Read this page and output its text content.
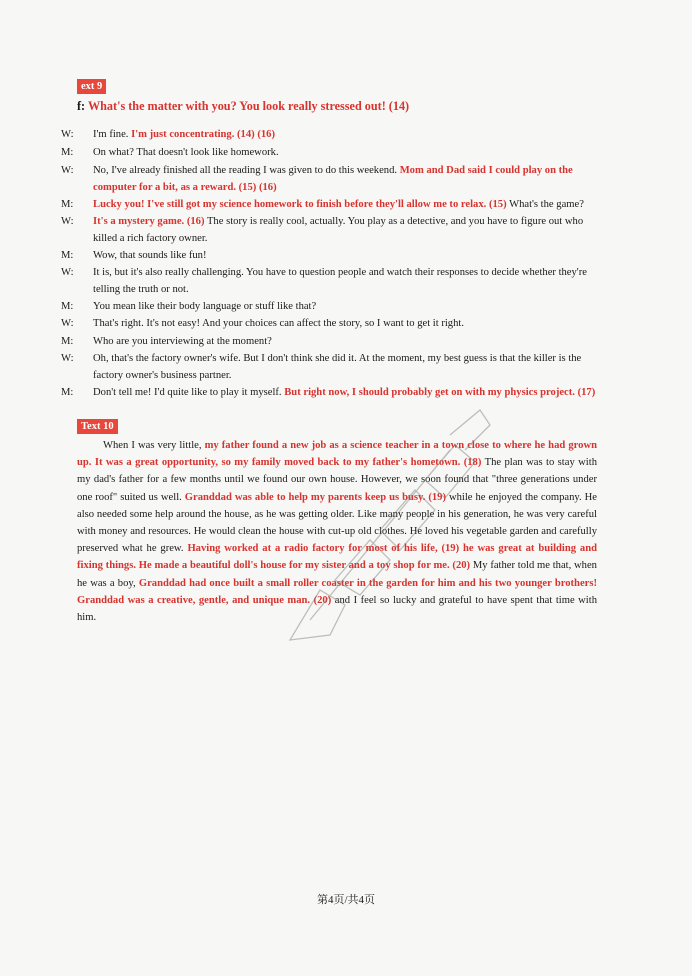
ext 9
f: What's the matter with you? You look really stressed out! (14)
W: I'm fine. I'm just concentrating. (14) (16)
M: On what? That doesn't look like homework.
W: No, I've already finished all the reading I was given to do this weekend. Mom and Dad said I could play on the computer for a bit, as a reward. (15) (16)
M: Lucky you! I've still got my science homework to finish before they'll allow me to relax. (15) What's the game?
W: It's a mystery game. (16) The story is really cool, actually. You play as a detective, and you have to figure out who killed a rich factory owner.
M: Wow, that sounds like fun!
W: It is, but it's also really challenging. You have to question people and watch their responses to decide whether they're telling the truth or not.
M: You mean like their body language or stuff like that?
W: That's right. It's not easy! And your choices can affect the story, so I want to get it right.
M: Who are you interviewing at the moment?
W: Oh, that's the factory owner's wife. But I don't think she did it. At the moment, my best guess is that the killer is the factory owner's business partner.
M: Don't tell me! I'd quite like to play it myself. But right now, I should probably get on with my physics project. (17)
Text 10
When I was very little, my father found a new job as a science teacher in a town close to where he had grown up. It was a great opportunity, so my family moved back to my father's hometown. (18) The plan was to stay with my dad's father for a few months until we found our own house. However, we soon found that "three generations under one roof" suited us well. Granddad was able to help my parents keep us busy. (19) while he enjoyed the company. He also needed some help around the house, as he was getting older. Like many people in his generation, he was very careful with money and resources. He would clean the house with cut-up old clothes. He loved his vegetable garden and carefully preserved what he grew. Having worked at a radio factory for most of his life, (19) he was great at building and fixing things. He made a beautiful doll's house for my sister and a toy shop for me. (20) My father told me that, when he was a boy, Granddad had once built a small roller coaster in the garden for him and his two younger brothers! Granddad was a creative, gentle, and unique man. (20) and I feel so lucky and grateful to have spent that time with him.
第4页/共4页
